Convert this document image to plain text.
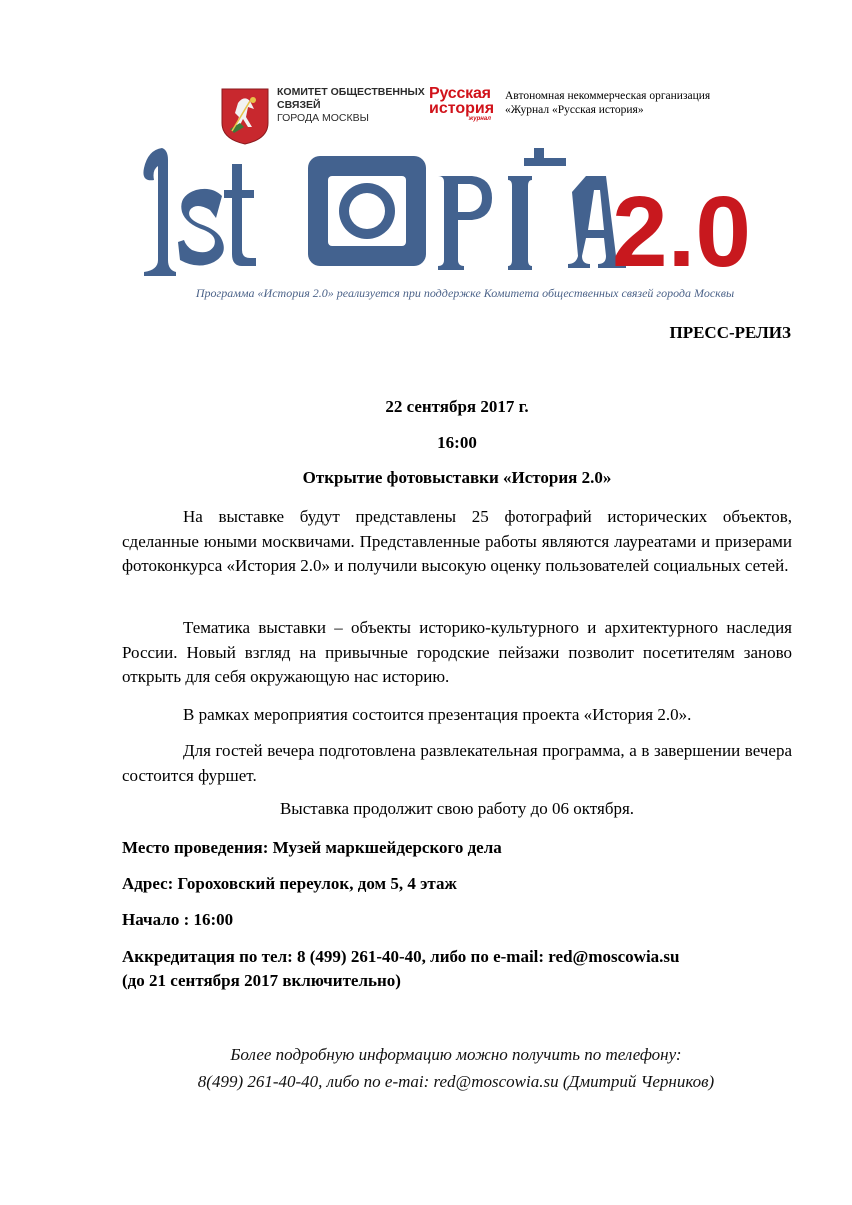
КОМИТЕТ ОБЩЕСТВЕННЫХ
СВЯЗЕЙ
ГОРОДА МОСКВЫ
Русская
история
журнал
Автономная некоммерческая организация
«Журнал «Русская история»
2.0
Программа «История 2.0» реализуется при поддержке Комитета общественных связей города Москвы
ПРЕСС-РЕЛИЗ
22 сентября 2017 г.
16:00
Открытие фотовыставки «История 2.0»
На выставке будут представлены 25 фотографий исторических объектов, сделанные юными москвичами. Представленные работы являются лауреатами и призерами фотоконкурса «История 2.0» и получили высокую оценку пользователей социальных сетей.
Тематика выставки – объекты историко-культурного и архитектурного наследия России. Новый взгляд на привычные городские пейзажи позволит посетителям заново открыть для себя окружающую нас историю.
В рамках мероприятия состоится презентация проекта «История 2.0».
Для гостей вечера подготовлена развлекательная программа, а в завершении вечера состоится фуршет.
Выставка продолжит свою работу до 06 октября.
Место проведения: Музей маркшейдерского дела
Адрес: Гороховский переулок, дом 5, 4 этаж
Начало : 16:00
Аккредитация по тел: 8 (499) 261-40-40, либо по e-mail: red@moscowia.su
(до 21 сентября 2017 включительно)
Более подробную информацию можно получить по телефону:
8(499) 261-40-40, либо по e-mai: red@moscowia.su (Дмитрий Черников)
